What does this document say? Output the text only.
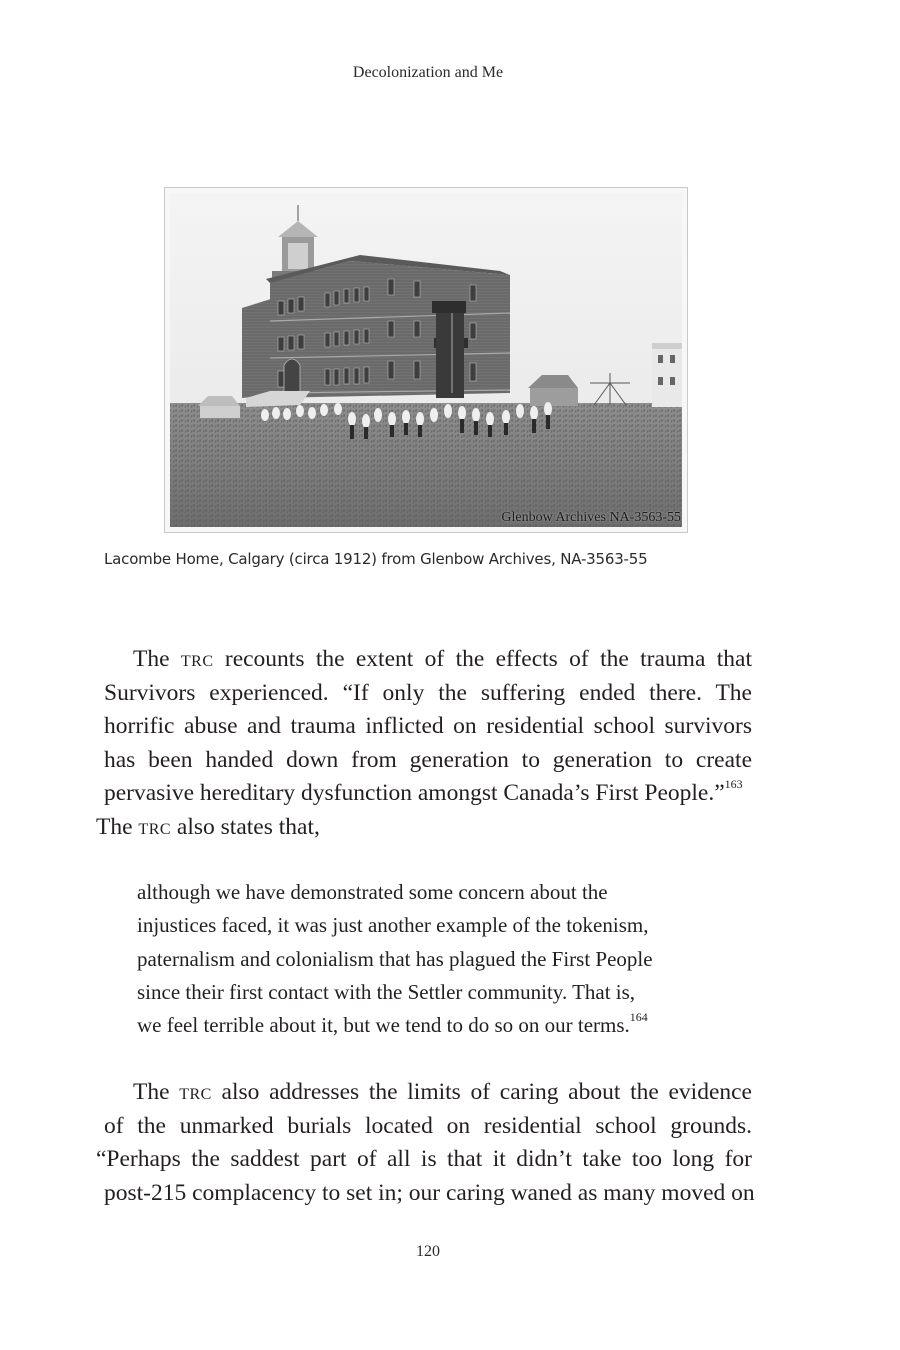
Decolonization and Me
Glenbow Archives NA-3563-55
Lacombe Home, Calgary (circa 1912) from Glenbow Archives, NA-3563-55
The trc recounts the extent of the effects of the trauma that
Survivors experienced. “If only the suffering ended there. The
horrific abuse and trauma inflicted on residential school survivors
has been handed down from generation to generation to create
pervasive hereditary dysfunction amongst Canada’s First People.”$^{163}$
The trc also states that,
although we have demonstrated some concern about the
injustices faced, it was just another example of the tokenism,
paternalism and colonialism that has plagued the First People
since their first contact with the Settler community. That is,
we feel terrible about it, but we tend to do so on our terms.$^{164}$
The trc also addresses the limits of caring about the evidence
of the unmarked burials located on residential school grounds.
“Perhaps the saddest part of all is that it didn’t take too long for
post-215 complacency to set in; our caring waned as many moved on
120
